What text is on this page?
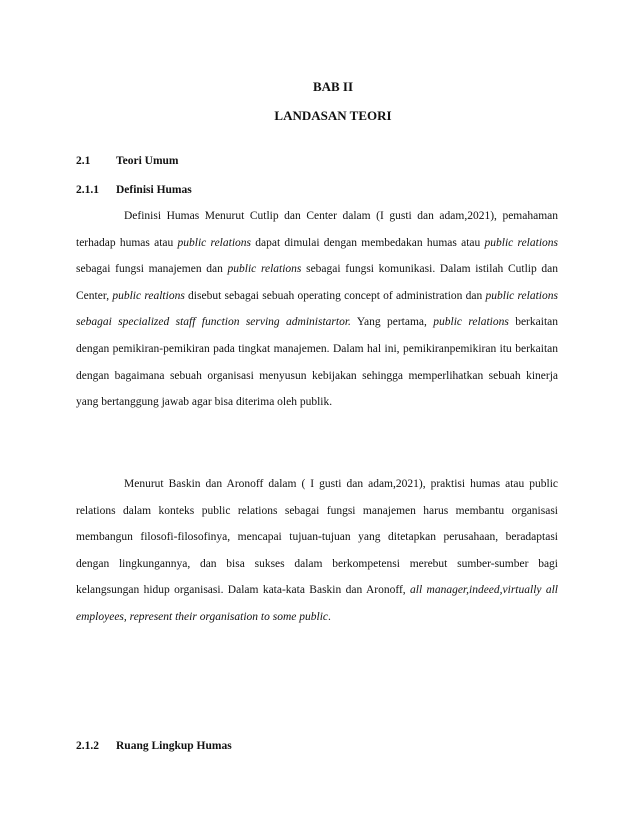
BAB II
LANDASAN TEORI
2.1	Teori Umum
2.1.1	Definisi Humas

Definisi Humas Menurut Cutlip dan Center dalam (I gusti dan adam,2021), pemahaman terhadap humas atau public relations dapat dimulai dengan membedakan humas atau public relations sebagai fungsi manajemen dan public relations sebagai fungsi komunikasi. Dalam istilah Cutlip dan Center, public realtions disebut sebagai sebuah operating concept of administration dan public relations sebagai specialized staff function serving administartor. Yang pertama, public relations berkaitan dengan pemikiran-pemikiran pada tingkat manajemen. Dalam hal ini, pemikiranpemikiran itu berkaitan dengan bagaimana sebuah organisasi menyusun kebijakan sehingga memperlihatkan sebuah kinerja yang bertanggung jawab agar bisa diterima oleh publik.

Menurut Baskin dan Aronoff dalam ( I gusti dan adam,2021), praktisi humas atau public relations dalam konteks public relations sebagai fungsi manajemen harus membantu organisasi membangun filosofi-filosofinya, mencapai tujuan-tujuan yang ditetapkan perusahaan, beradaptasi dengan lingkungannya, dan bisa sukses dalam berkompetensi merebut sumber-sumber bagi kelangsungan hidup organisasi. Dalam kata-kata Baskin dan Aronoff, all manager,indeed,virtually all employees, represent their organisation to some public.

2.1.2	Ruang Lingkup Humas
